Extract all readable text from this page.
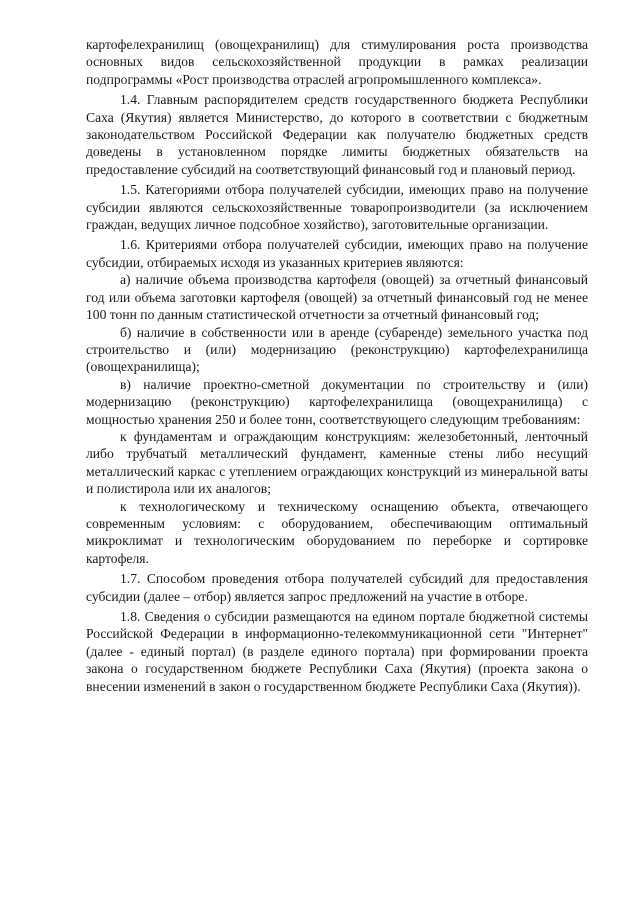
картофелехранилищ (овощехранилищ) для стимулирования роста производства основных видов сельскохозяйственной продукции в рамках реализации подпрограммы «Рост производства отраслей агропромышленного комплекса».

1.4. Главным распорядителем средств государственного бюджета Республики Саха (Якутия) является Министерство, до которого в соответствии с бюджетным законодательством Российской Федерации как получателю бюджетных средств доведены в установленном порядке лимиты бюджетных обязательств на предоставление субсидий на соответствующий финансовый год и плановый период.

1.5. Категориями отбора получателей субсидии, имеющих право на получение субсидии являются сельскохозяйственные товаропроизводители (за исключением граждан, ведущих личное подсобное хозяйство), заготовительные организации.

1.6. Критериями отбора получателей субсидии, имеющих право на получение субсидии, отбираемых исходя из указанных критериев являются:

а) наличие объема производства картофеля (овощей) за отчетный финансовый год или объема заготовки картофеля (овощей) за отчетный финансовый год не менее 100 тонн по данным статистической отчетности за отчетный финансовый год;

б) наличие в собственности или в аренде (субаренде) земельного участка под строительство и (или) модернизацию (реконструкцию) картофелехранилища (овощехранилища);

в) наличие проектно-сметной документации по строительству и (или) модернизацию (реконструкцию) картофелехранилища (овощехранилища) с мощностью хранения 250 и более тонн, соответствующего следующим требованиям:

к фундаментам и ограждающим конструкциям: железобетонный, ленточный либо трубчатый металлический фундамент, каменные стены либо несущий металлический каркас с утеплением ограждающих конструкций из минеральной ваты и полистирола или их аналогов;

к технологическому и техническому оснащению объекта, отвечающего современным условиям: с оборудованием, обеспечивающим оптимальный микроклимат и технологическим оборудованием по переборке и сортировке картофеля.

1.7. Способом проведения отбора получателей субсидий для предоставления субсидии (далее – отбор) является запрос предложений на участие в отборе.

1.8. Сведения о субсидии размещаются на едином портале бюджетной системы Российской Федерации в информационно-телекоммуникационной сети "Интернет" (далее - единый портал) (в разделе единого портала) при формировании проекта закона о государственном бюджете Республики Саха (Якутия) (проекта закона о внесении изменений в закон о государственном бюджете Республики Саха (Якутия)).
